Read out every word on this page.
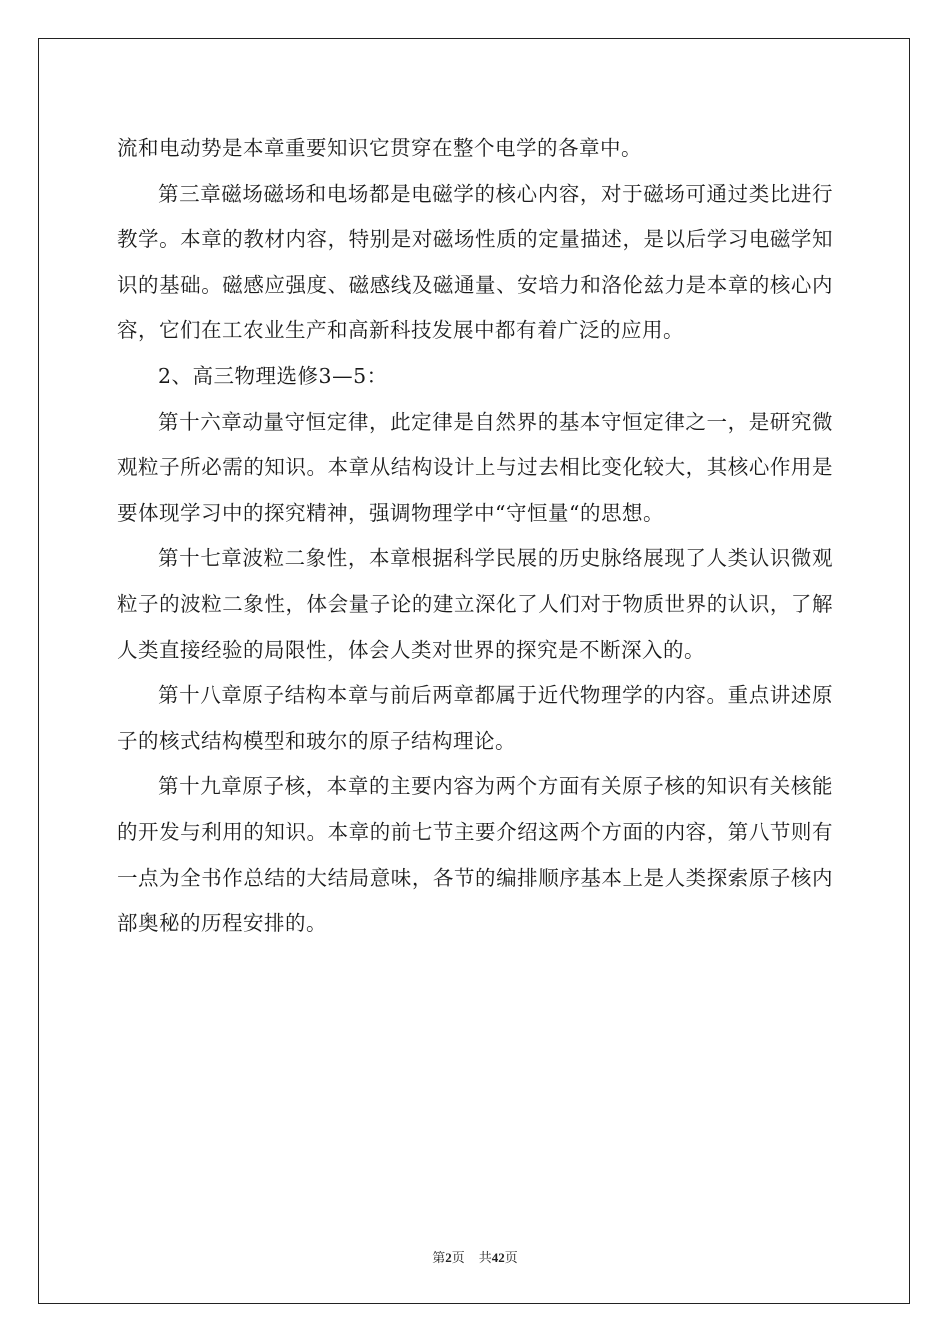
流和电动势是本章重要知识它贯穿在整个电学的各章中。

第三章磁场磁场和电场都是电磁学的核心内容，对于磁场可通过类比进行教学。本章的教材内容，特别是对磁场性质的定量描述，是以后学习电磁学知识的基础。磁感应强度、磁感线及磁通量、安培力和洛伦兹力是本章的核心内容，它们在工农业生产和高新科技发展中都有着广泛的应用。

2、高三物理选修3—5：

第十六章动量守恒定律，此定律是自然界的基本守恒定律之一，是研究微观粒子所必需的知识。本章从结构设计上与过去相比变化较大，其核心作用是要体现学习中的探究精神，强调物理学中“守恒量“的思想。

第十七章波粒二象性，本章根据科学民展的历史脉络展现了人类认识微观粒子的波粒二象性，体会量子论的建立深化了人们对于物质世界的认识，了解人类直接经验的局限性，体会人类对世界的探究是不断深入的。

第十八章原子结构本章与前后两章都属于近代物理学的内容。重点讲述原子的核式结构模型和玻尔的原子结构理论。

第十九章原子核，本章的主要内容为两个方面有关原子核的知识有关核能的开发与利用的知识。本章的前七节主要介绍这两个方面的内容，第八节则有一点为全书作总结的大结局意味，各节的编排顺序基本上是人类探索原子核内部奥秘的历程安排的。

第2页 共42页
